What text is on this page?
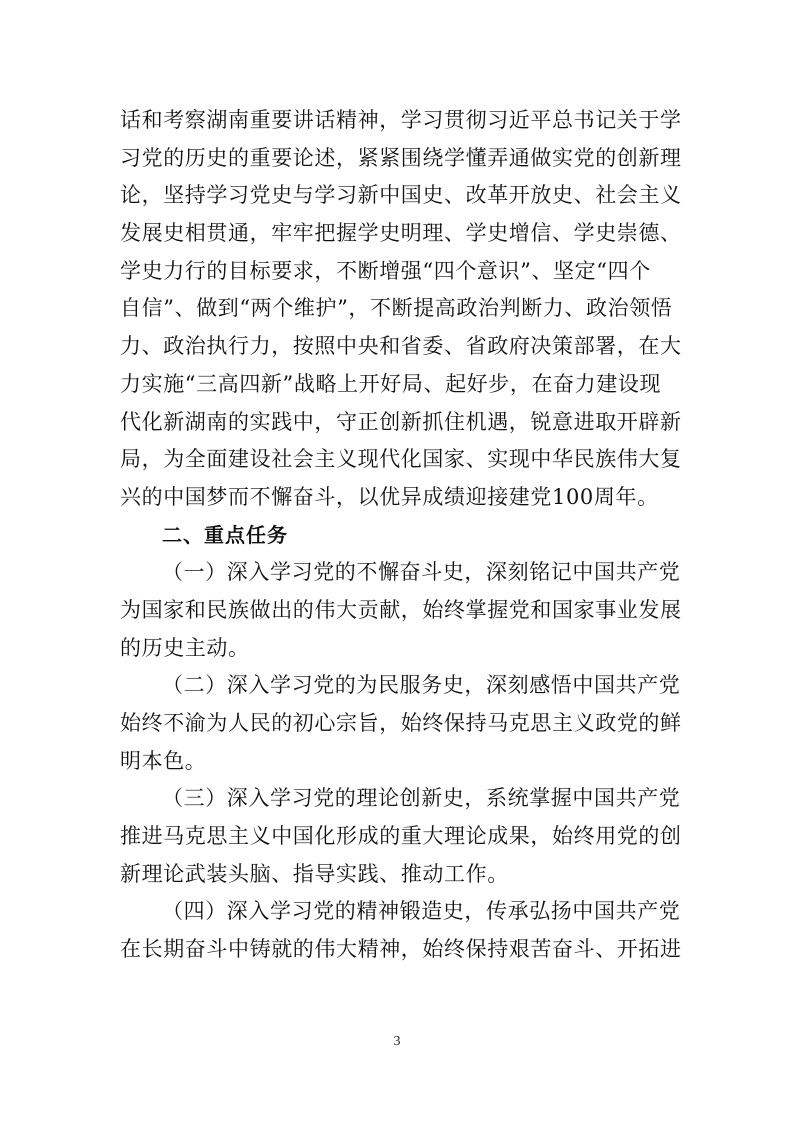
话和考察湖南重要讲话精神，学习贯彻习近平总书记关于学
习党的历史的重要论述，紧紧围绕学懂弄通做实党的创新理
论，坚持学习党史与学习新中国史、改革开放史、社会主义
发展史相贯通，牢牢把握学史明理、学史增信、学史崇德、
学史力行的目标要求，不断增强“四个意识”、坚定“四个
自信”、做到“两个维护”，不断提高政治判断力、政治领悟
力、政治执行力，按照中央和省委、省政府决策部署，在大
力实施“三高四新”战略上开好局、起好步，在奋力建设现
代化新湖南的实践中，守正创新抓住机遇，锐意进取开辟新
局，为全面建设社会主义现代化国家、实现中华民族伟大复
兴的中国梦而不懈奋斗，以优异成绩迎接建党100周年。
二、重点任务
（一）深入学习党的不懈奋斗史，深刻铭记中国共产党
为国家和民族做出的伟大贡献，始终掌握党和国家事业发展
的历史主动。
（二）深入学习党的为民服务史，深刻感悟中国共产党
始终不渝为人民的初心宗旨，始终保持马克思主义政党的鲜
明本色。
（三）深入学习党的理论创新史，系统掌握中国共产党
推进马克思主义中国化形成的重大理论成果，始终用党的创
新理论武装头脑、指导实践、推动工作。
（四）深入学习党的精神锻造史，传承弘扬中国共产党
在长期奋斗中铸就的伟大精神，始终保持艰苦奋斗、开拓进
3
